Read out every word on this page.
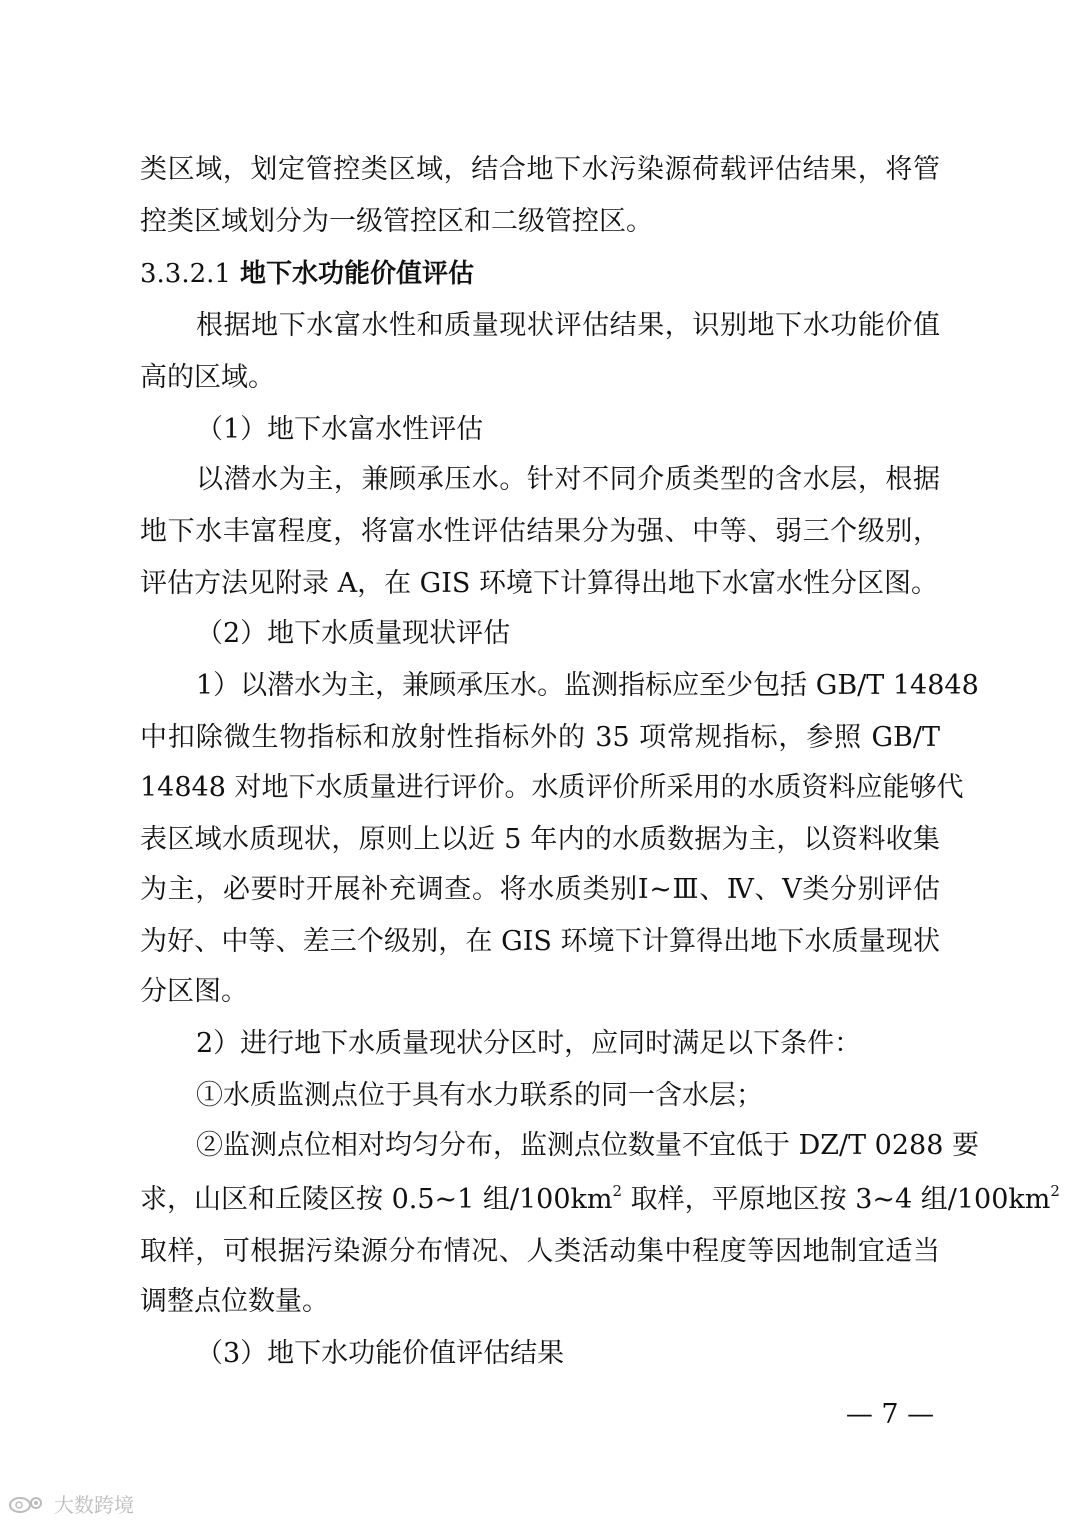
类区域，划定管控类区域，结合地下水污染源荷载评估结果，将管
控类区域划分为一级管控区和二级管控区。
3.3.2.1 地下水功能价值评估
根据地下水富水性和质量现状评估结果，识别地下水功能价值
高的区域。
（1）地下水富水性评估
以潜水为主，兼顾承压水。针对不同介质类型的含水层，根据
地下水丰富程度，将富水性评估结果分为强、中等、弱三个级别，
评估方法见附录 A，在 GIS 环境下计算得出地下水富水性分区图。
（2）地下水质量现状评估
1）以潜水为主，兼顾承压水。监测指标应至少包括 GB/T 14848
中扣除微生物指标和放射性指标外的 35 项常规指标，参照 GB/T
14848 对地下水质量进行评价。水质评价所采用的水质资料应能够代
表区域水质现状，原则上以近 5 年内的水质数据为主，以资料收集
为主，必要时开展补充调查。将水质类别Ⅰ~Ⅲ、Ⅳ、Ⅴ类分别评估
为好、中等、差三个级别，在 GIS 环境下计算得出地下水质量现状
分区图。
2）进行地下水质量现状分区时，应同时满足以下条件：
①水质监测点位于具有水力联系的同一含水层；
②监测点位相对均匀分布，监测点位数量不宜低于 DZ/T 0288 要
求，山区和丘陵区按 0.5~1 组$/100km^2$ 取样，平原地区按 3~4 组$/100km^2$
取样，可根据污染源分布情况、人类活动集中程度等因地制宜适当
调整点位数量。
（3）地下水功能价值评估结果
— 7 —
大数跨境
